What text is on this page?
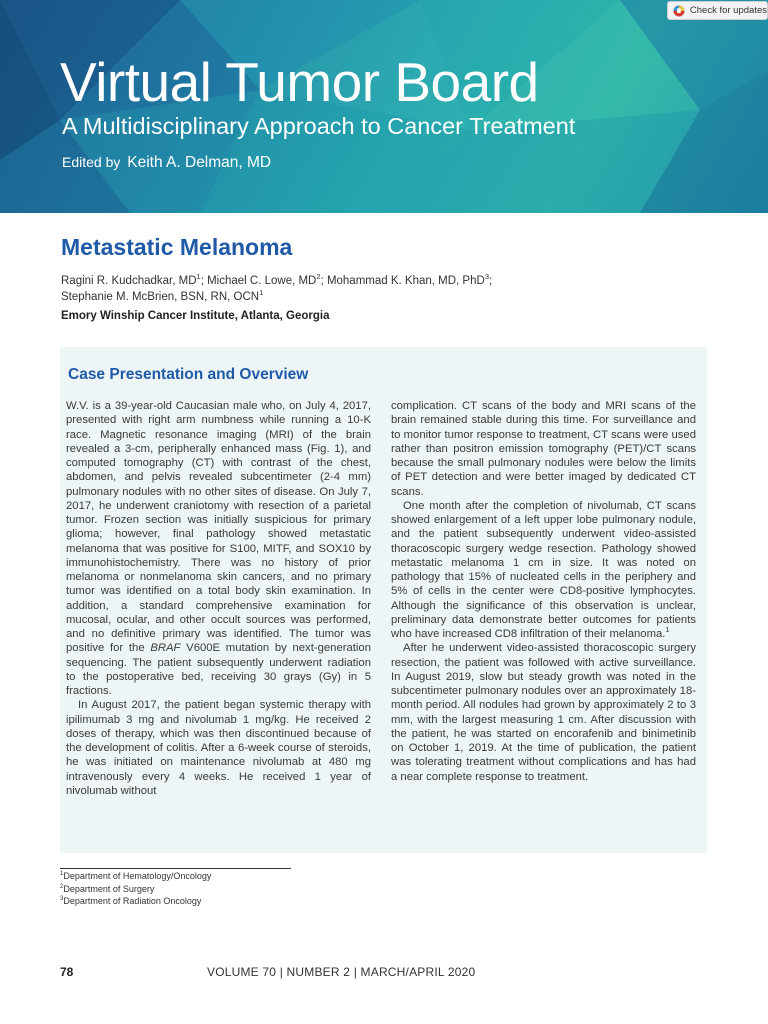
Virtual Tumor Board
A Multidisciplinary Approach to Cancer Treatment
Edited by Keith A. Delman, MD
Check for updates
Metastatic Melanoma
Ragini R. Kudchadkar, $MD^1$; Michael C. Lowe, $MD^2$; Mohammad K. Khan, MD, PhD$^3$;
Stephanie M. McBrien, BSN, RN, OCN$^1$
Emory Winship Cancer Institute, Atlanta, Georgia
Case Presentation and Overview

W.V. is a 39-year-old Caucasian male who, on July 4, 2017, presented with right arm numbness while running a 10-K race. Magnetic resonance imaging (MRI) of the brain revealed a 3-cm, peripherally enhanced mass (Fig. 1), and computed tomography (CT) with contrast of the chest, abdomen, and pelvis revealed subcentimeter (2-4 mm) pulmonary nodules with no other sites of disease. On July 7, 2017, he underwent craniotomy with resection of a parietal tumor. Frozen section was initially suspicious for primary glioma; however, final pathology showed metastatic melanoma that was positive for S100, MITF, and SOX10 by immunohistochemistry. There was no history of prior melanoma or nonmelanoma skin cancers, and no primary tumor was identified on a total body skin examination. In addition, a standard comprehensive examination for mucosal, ocular, and other occult sources was performed, and no definitive primary was identified. The tumor was positive for the BRAF V600E mutation by next-generation sequencing. The patient subsequently underwent radiation to the postoperative bed, receiving 30 grays (Gy) in 5 fractions.

In August 2017, the patient began systemic therapy with ipilimumab 3 mg and nivolumab 1 mg/kg. He received 2 doses of therapy, which was then discontinued because of the development of colitis. After a 6-week course of steroids, he was initiated on maintenance nivolumab at 480 mg intravenously every 4 weeks. He received 1 year of nivolumab without

complication. CT scans of the body and MRI scans of the brain remained stable during this time. For surveillance and to monitor tumor response to treatment, CT scans were used rather than positron emission tomography (PET)/CT scans because the small pulmonary nodules were below the limits of PET detection and were better imaged by dedicated CT scans.

One month after the completion of nivolumab, CT scans showed enlargement of a left upper lobe pulmonary nodule, and the patient subsequently underwent video-assisted thoracoscopic surgery wedge resection. Pathology showed metastatic melanoma 1 cm in size. It was noted on pathology that 15% of nucleated cells in the periphery and 5% of cells in the center were CD8-positive lymphocytes. Although the significance of this observation is unclear, preliminary data demonstrate better outcomes for patients who have increased CD8 infiltration of their melanoma.$^1$

After he underwent video-assisted thoracoscopic surgery resection, the patient was followed with active surveillance. In August 2019, slow but steady growth was noted in the subcentimeter pulmonary nodules over an approximately 18-month period. All nodules had grown by approximately 2 to 3 mm, with the largest measuring 1 cm. After discussion with the patient, he was started on encorafenib and binimetinib on October 1, 2019. At the time of publication, the patient was tolerating treatment without complications and has had a near complete response to treatment.

$^1$Department of Hematology/Oncology
$^2$Department of Surgery
$^3$Department of Radiation Oncology
78	VOLUME 70 | NUMBER 2 | MARCH/APRIL 2020
